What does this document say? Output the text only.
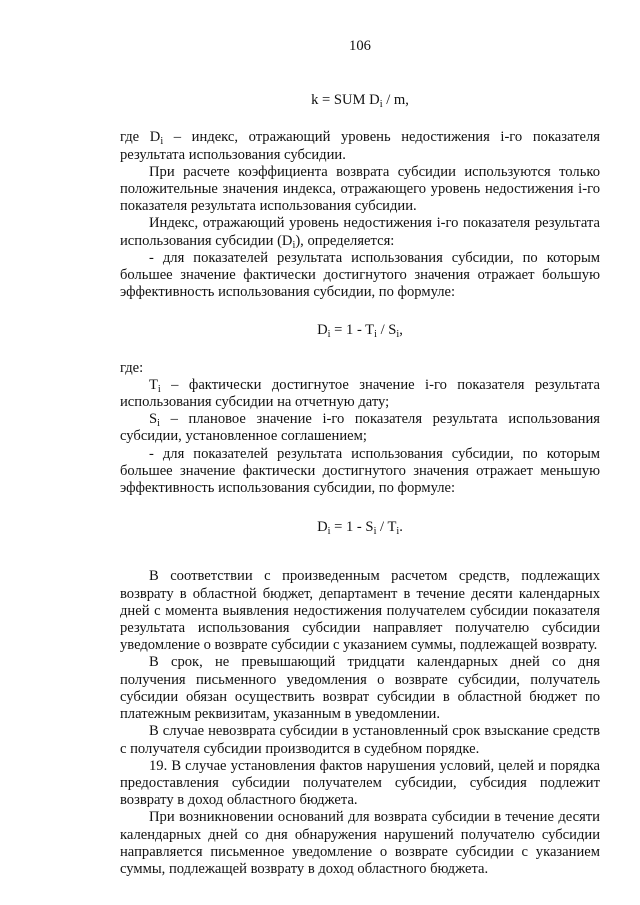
106
k = SUM $D_i$ / m,

где $D_i$ – индекс, отражающий уровень недостижения i-го показателя результата использования субсидии.

При расчете коэффициента возврата субсидии используются только положительные значения индекса, отражающего уровень недостижения i-го показателя результата использования субсидии.

Индекс, отражающий уровень недостижения i-го показателя результата использования субсидии $(D_i)$, определяется:

- для показателей результата использования субсидии, по которым большее значение фактически достигнутого значения отражает большую эффективность использования субсидии, по формуле:

$D_i = 1 - T_i / S_i$,

где:

$T_i$ – фактически достигнутое значение i-го показателя результата использования субсидии на отчетную дату;

$S_i$ – плановое значение i-го показателя результата использования субсидии, установленное соглашением;

- для показателей результата использования субсидии, по которым большее значение фактически достигнутого значения отражает меньшую эффективность использования субсидии, по формуле:

$D_i = 1 - S_i / T_i$.

В соответствии с произведенным расчетом средств, подлежащих возврату в областной бюджет, департамент в течение десяти календарных дней с момента выявления недостижения получателем субсидии показателя результата использования субсидии направляет получателю субсидии уведомление о возврате субсидии с указанием суммы, подлежащей возврату.

В срок, не превышающий тридцати календарных дней со дня получения письменного уведомления о возврате субсидии, получатель субсидии обязан осуществить возврат субсидии в областной бюджет по платежным реквизитам, указанным в уведомлении.

В случае невозврата субсидии в установленный срок взыскание средств с получателя субсидии производится в судебном порядке.

19. В случае установления фактов нарушения условий, целей и порядка предоставления субсидии получателем субсидии, субсидия подлежит возврату в доход областного бюджета.

При возникновении оснований для возврата субсидии в течение десяти календарных дней со дня обнаружения нарушений получателю субсидии направляется письменное уведомление о возврате субсидии с указанием суммы, подлежащей возврату в доход областного бюджета.
